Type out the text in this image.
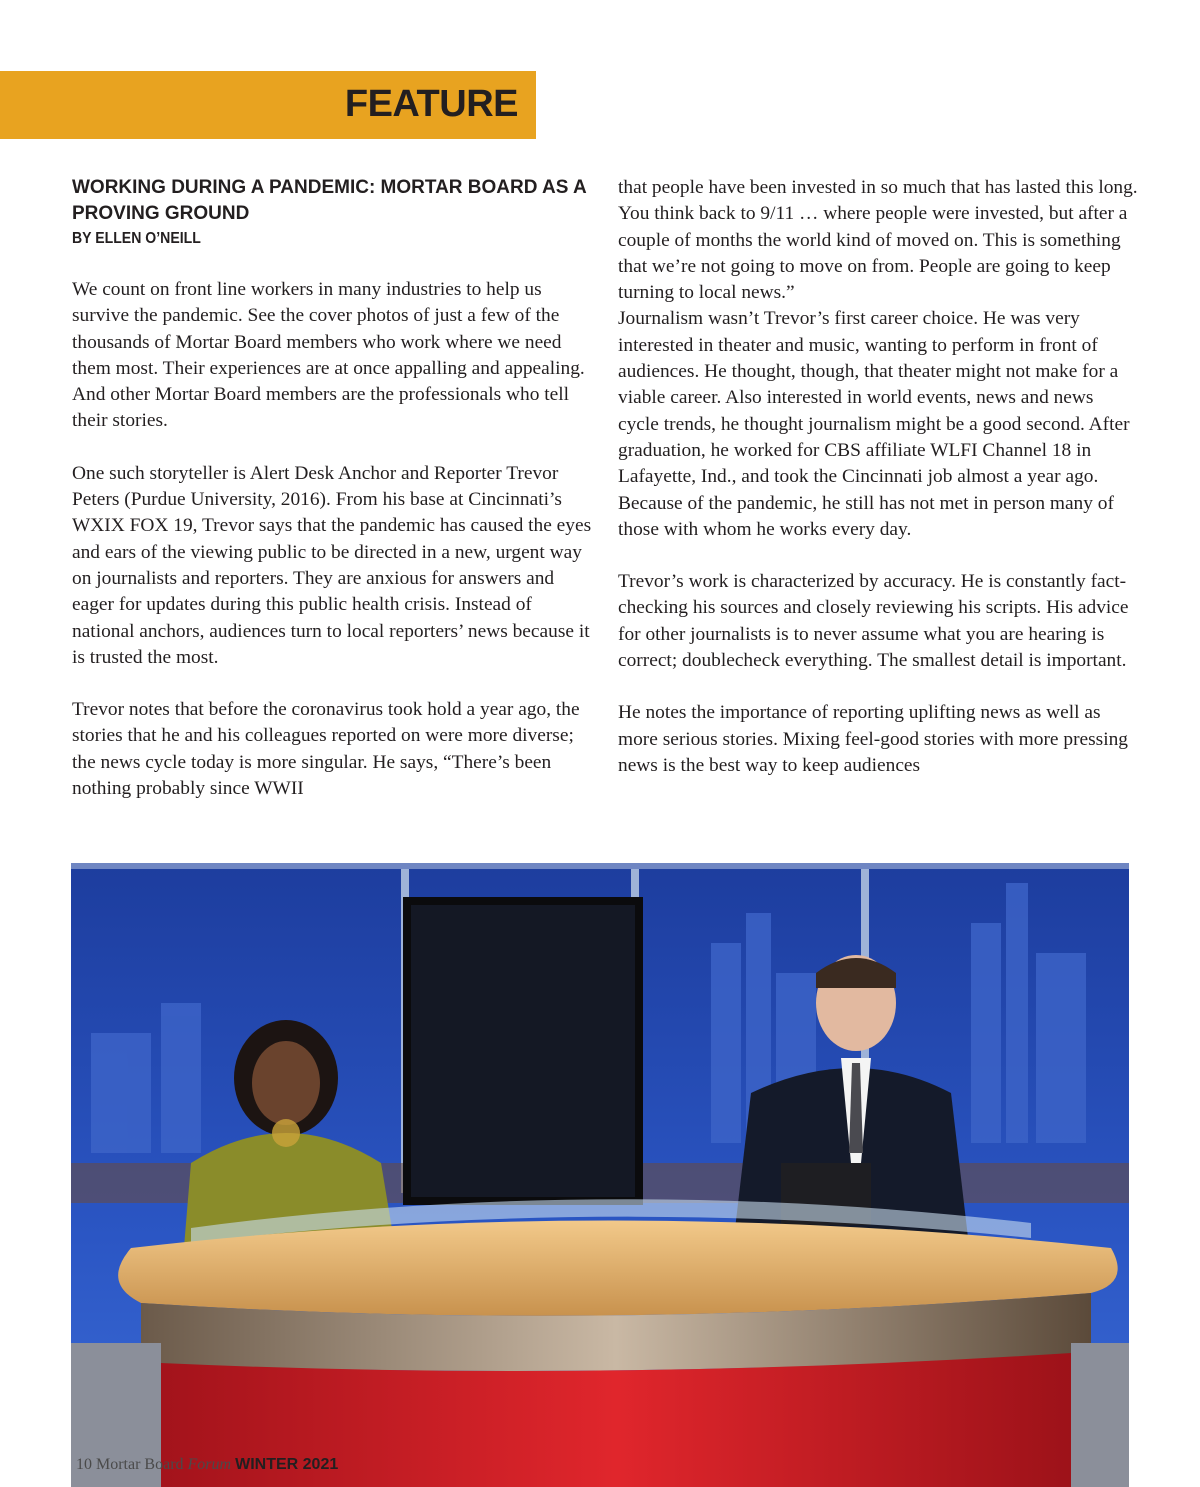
FEATURE

WORKING DURING A PANDEMIC: MORTAR BOARD AS A PROVING GROUND

BY ELLEN O’NEILL

We count on front line workers in many industries to help us survive the pandemic. See the cover photos of just a few of the thousands of Mortar Board members who work where we need them most. Their experiences are at once appalling and appealing. And other Mortar Board members are the professionals who tell their stories.

One such storyteller is Alert Desk Anchor and Reporter Trevor Peters (Purdue University, 2016). From his base at Cincinnati’s WXIX FOX 19, Trevor says that the pandemic has caused the eyes and ears of the viewing public to be directed in a new, urgent way on journalists and reporters. They are anxious for answers and eager for updates during this public health crisis. Instead of national anchors, audiences turn to local reporters’ news because it is trusted the most.

Trevor notes that before the coronavirus took hold a year ago, the stories that he and his colleagues reported on were more diverse; the news cycle today is more singular. He says, “There’s been nothing probably since WWII

that people have been invested in so much that has lasted this long. You think back to 9/11 … where people were invested, but after a couple of months the world kind of moved on. This is something that we’re not going to move on from. People are going to keep turning to local news.”

Journalism wasn’t Trevor’s first career choice. He was very interested in theater and music, wanting to perform in front of audiences. He thought, though, that theater might not make for a viable career. Also interested in world events, news and news cycle trends, he thought journalism might be a good second. After graduation, he worked for CBS affiliate WLFI Channel 18 in Lafayette, Ind., and took the Cincinnati job almost a year ago. Because of the pandemic, he still has not met in person many of those with whom he works every day.

Trevor’s work is characterized by accuracy. He is constantly fact-checking his sources and closely reviewing his scripts. His advice for other journalists is to never assume what you are hearing is correct; doublecheck everything. The smallest detail is important.

He notes the importance of reporting uplifting news as well as more serious stories. Mixing feel-good stories with more pressing news is the best way to keep audiences

10 Mortar Board Forum WINTER 2021
